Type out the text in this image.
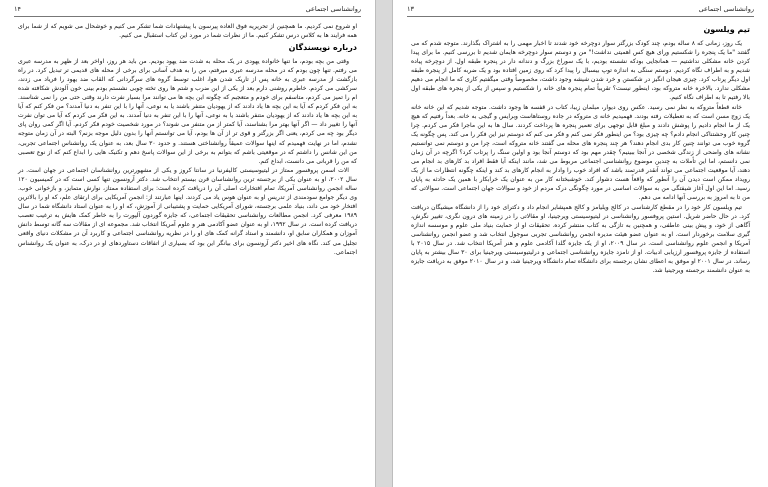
۱۴	روانشناسی اجتماعی

او شروع نمی کردیم. ما همچنین از تحریریه فوق العاده پیرسون با پیشنهادات شما تشکر می کنیم و خوشحال می شویم که از شما برای همه فرایند ها به کلاس درس تشکر کنیم. ما از نظرات شما در مورد این کتاب استقبال می کنیم.

درباره نویسندگان

وقتی من بچه بودم، ما تنها خانواده یهودی در یک محله به شدت ضد یهود بودیم. من باید هر روز، اواخر بعد از ظهر به مدرسه عبری می رفتم. تنها چون بودم که در محله مدرسه عبری میرفتم، من را به هدف آسانی برای برخی از محله های قدیمی تر تبدیل کرد. در راه بازگشت از مدرسه عبری به خانه پس از تاریک شدن هوا، اغلب توسط گروه های سرگردانی که القاب ضد یهود را فریاد می زدند، سرکشی می کردم. خاطرم روشنی دارم بعد از یکی از این ضرب و شتم ها روی تخته چوبی نشستم بودم بینی خون آلودش شکافته شده ام را تمیز می کردم، متاسفم برای خودم و متعجبم که چگونه این بچه ها می توانند مرا بسیار نفرت دارند وقتی حتی من را نمی شناسند. به این فکر کردم که آیا به این بچه ها یاد دادند که از یهودیان متنفر باشند یا به نوعی، آنها را با این تنفر به دنیا آمدند؟ من فکر کنم که آیا به این بچه ها یاد دادند که از یهودیان متنفر باشند یا به نوعی، آنها را با این تنفر به دنیا آمدند. به این فکر می کردم که آیا می توان نفرت آنها را تغییر داد — اگر آنها بهتر مرا بشناسند، آیا کمتر از من متنفر می شوند؟ در مورد شخصیت خودم فکر کردم. آیا اگر کمی روان پای دیگر بود چه می کردم، یعنی اگر بزرگتر و قوی تر از آن ها بودم، آیا می توانستم آنها را بدون دلیل موجه بزنم؟ البته در آن زمان متوجه نشدم، اما در نهایت فهمیدم که اینها سوالات عمیقاً روانشناختی هستند. و حدود ۳۰ سال بعد، به عنوان یک روانشناس اجتماعی تجربی، من این شانس را داشتم که در موقعیتی باشم که بتوانم به برخی از این سوالات پاسخ دهم و تکنیک هایی را ابداع کنم که از نوع تعصبی که من را قربانی می دانست، ابداع کنم.

الات اسمن پروفسور ممتاز در لیتیوسیستی کالیفرنیا در سانتا کروز و یکی از مشهورترین روانشناسان اجتماعی در جهان است. در سال ۲۰۰۲، او به عنوان یکی از برجسته ترین روانشناسان قرن بیستم انتخاب شد. دکتر آرونسون تنها کسی است که در کمیسیون ۱۲۰ ساله انجمن روانشناسی آمریکا، تمام افتخارات اصلی آن را دریافت کرده است: برای استفاده ممتاز، نوارش متمایز، و بازخوانی خوب. وی دیگر جوامع سودمندی از تدریس او به عنوان هوس یاد می کردند. اینها عبارتند از: انجمن آمریکایی برای ارتقای علم، که او را بالاترین افتخار خود می داند، بنیاد علمی برجسته، شورای آمریکایی حمایت و پشتیبانی از آموزش، که او را به عنوان استاد دانشگاه شما در سال ۱۹۸۹ معرفی کرد. انجمن مطالعات روانشناسی تحقیقات اجتماعی، که جایزه گوردون آلپورت را به خاطر کمک هایش به ترغیب تعصب دریافت کرده است. در سال ۱۹۹۲، او به عنوان عضو آکادمی هنر و علوم آمریکا انتخاب شد. مجموعه ای از مقالات سه گانه توسط دانش آموزان و همکاران سابق او، دانشمند و استاد گرانه کمک های او را در نظریه روانشناسی اجتماعی و کاربرد آن در مشکلات دنیای واقعی تجلیل می کند. نگاه های اخیر دکتر آرونسون برای بیانگر این بود که بسیاری از اتفاقات دستاوردهای او در درک، به عنوان یک روانشناس اجتماعی.

۱۳	روانشناسی اجتماعی
تیم ویلسون

یک روز، زمانی که ۸ ساله بودم، چند کودک بزرگتر سوار دوچرخه خود شدند تا اخبار مهمی را به اشتراک بگذارند. متوجه شدم که می گفتند "ما یک پنجره را شکستیم ورای هیچ کس اهمیتی نداشت!" من و دوستم سوار دوچرخه هایمان شدیم تا بررسی کنیم. ما برای پیدا کردن خانه مشکلی نداشتیم — همانجایی بودکه نشسته بودیم، با یک سوراخ بزرگ و دندانه دار در پنجره طبقه اول. از دوچرخه پیاده شدیم و به اطراف نگاه کردیم. دوستم سنگی به اندازه توپ بیسبال را پیدا کرد که روی زمین افتاده بود و یک ضربه کامل از پنجره طبقه اول دیگر پرتاب کرد. چیزی هیجان انگیز در شکستن و خرد شدن شیشه وجود داشت، مخصوصاً وقتی میگفتیم کاری که ما انجام می دهیم مشکلی ندارد. بالاخره خانه متروکه بود، اینطور نیست؟ تقریباً تمام پنجره های خانه را شکستیم و سپس از یکی از پنجره های طبقه اول بالا رفتیم تا به اطراف نگاه کنیم.

خانه قطعاً متروکه به نظر نمی رسید. عکس روی دیوار، مبلمان زیبا، کتاب در قفسه ها وجود داشت. متوجه شدیم که این خانه خانه یک زوج مسن است که به تعطیلات رفته بودند. فهمیدیم خانه ی متروکه در جاده روستاهاست وبرایس و گیجی به خانه. بعداً رفتیم که هیچ یک از ما انجام دادیم را پوشش دادند و مبلغ قابل توجهی برای تعمیر پنجره ها پرداخت کردند. سال ها به این ماجرا فکر می کردم. چرا چنین کار وحشتناکی انجام دادم؟ چه چیزی بود؟ من اینطور فکر نمی کنم و فکر می کنم که دوستم نیز این فکر را می کند. پس چگونه یک گروه خوب می توانند چنین کار بدی انجام دهند؟ هر چند پنجره های محله می گفتند خانه متروکه است، چرا من و دوستم نمی توانستیم نشانه های واضحی از زندگی شخصی در آنجا ببینیم؟ چقدر مهم بود که دوستم آنجا بود و اولین سنگ را پرتاب کرد؟ اگرچه در آن زمان نمی دانستم، اما این تأملات به چندین موضوع روانشناسی اجتماعی مربوط می شد، مانند اینکه آیا فقط افراد بد کارهای بد انجام می دهند، آیا موقعیت اجتماعی می تواند آنقدر قدرتمند باشد که افراد خوب را وادار به انجام کارهای بد کند و اینکه چگونه انتظارات ما از یک رویداد ممکن است دیدن آن را آنطور که واقعاً هست دشوار کند. خوشبختانه کار من به عنوان یک خرابکار با همین یک حادثه به پایان رسید. اما این اول آغاز شیفتگی من به سوالات اساسی در مورد چگونگی درک مردم از خود و سوالات جهان اجتماعی است. سوالاتی که من تا به امروز به بررسی آنها ادامه می دهم.

تیم ویلسون کار خود را در مقطع کارشناسی در کالج ویلیامز و کالج همپشایر انجام داد و دکترای خود را از دانشگاه میشیگان دریافت کرد. در حال حاضر شریل. استین پروفسور روانشناسی در لیتیوسیستی ویرجینیا، او مقالاتی را در زمینه های درون نگری، تغییر نگرش، آگاهی از خود، و پیش بینی عاطفی، و همچنین به تازگی به کتاب منتشر کرده. تحقیقات او از حمایت بنیاد ملی علوم و موسسه اندازه گیری سلامت برخوردار است. او به عنوان عضو هیئت مدیره انجمن روانشناسی تجربی سوجول انتخاب شد و عضو انجمن روانشناسی آمریکا و انجمن علوم روانشناسی است. در سال ۲۰۰۹، او از یک جایزه گلدا آکادمی علوم و هنر آمریکا انتخاب شد. در سال ۲۰۱۵ با استفاده از جایزه پروفسور ارزیابی ادبیات. او از نامزد جایزه روانشناسی اجتماعی و درلیتیوسیستی ویرجینیا برای ۳۰ سال بیشتر به پایان رساند. در سال ۲۰۰۱ او موفق به اعطای نشان برجسته برای دانشگاه تمام دانشگاه ویرجینیا شد، و در سال ۲۰۱۰ موفق به دریافت جایزه به عنوان دانشمند برجسته ویرجینیا شد.
